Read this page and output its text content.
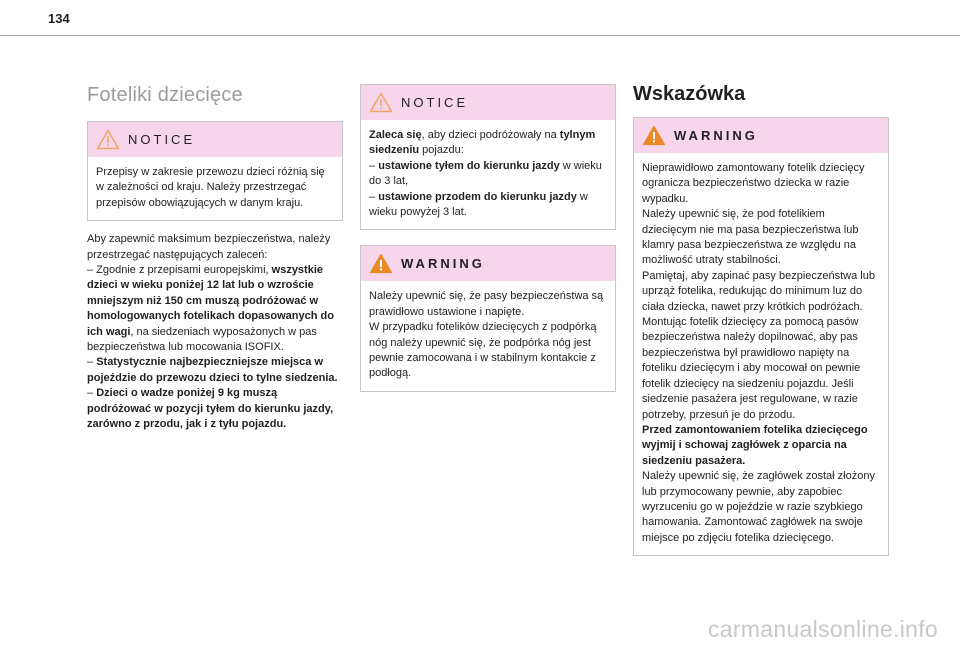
134
Foteliki dziecięce
NOTICE
Przepisy w zakresie przewozu dzieci różnią się w zależności od kraju. Należy przestrzegać przepisów obowiązujących w danym kraju.

Aby zapewnić maksimum bezpieczeństwa, należy przestrzegać następujących zaleceń:

– Zgodnie z przepisami europejskimi, wszystkie dzieci w wieku poniżej 12 lat lub o wzroście mniejszym niż 150 cm muszą podróżować w homologowanych fotelikach dopasowanych do ich wagi, na siedzeniach wyposażonych w pas bezpieczeństwa lub mocowania ISOFIX.

– Statystycznie najbezpieczniejsze miejsca w pojeździe do przewozu dzieci to tylne siedzenia.

– Dzieci o wadze poniżej 9 kg muszą podróżować w pozycji tyłem do kierunku jazdy, zarówno z przodu, jak i z tyłu pojazdu.

NOTICE

Zaleca się, aby dzieci podróżowały na tylnym siedzeniu pojazdu:

– ustawione tyłem do kierunku jazdy w wieku do 3 lat,

– ustawione przodem do kierunku jazdy w wieku powyżej 3 lat.

WARNING
Należy upewnić się, że pasy bezpieczeństwa są prawidłowo ustawione i napięte.
W przypadku fotelików dziecięcych z podpórką nóg należy upewnić się, że podpórka nóg jest pewnie zamocowana i w stabilnym kontakcie z podłogą.
Wskazówka
WARNING

Nieprawidłowo zamontowany fotelik dziecięcy ogranicza bezpieczeństwo dziecka w razie wypadku.
Należy upewnić się, że pod fotelikiem dziecięcym nie ma pasa bezpieczeństwa lub klamry pasa bezpieczeństwa ze względu na możliwość utraty stabilności.
Pamiętaj, aby zapinać pasy bezpieczeństwa lub uprząż fotelika, redukując do minimum luz do ciała dziecka, nawet przy krótkich podróżach.
Montując fotelik dziecięcy za pomocą pasów bezpieczeństwa należy dopilnować, aby pas bezpieczeństwa był prawidłowo napięty na foteliku dziecięcym i aby mocował on pewnie fotelik dziecięcy na siedzeniu pojazdu. Jeśli siedzenie pasażera jest regulowane, w razie potrzeby, przesuń je do przodu.

Przed zamontowaniem fotelika dziecięcego wyjmij i schowaj zagłówek z oparcia na siedzeniu pasażera.

Należy upewnić się, że zagłówek został złożony lub przymocowany pewnie, aby zapobiec wyrzuceniu go w pojeździe w razie szybkiego hamowania. Zamontować zagłówek na swoje miejsce po zdjęciu fotelika dziecięcego.

carmanualsonline.info
